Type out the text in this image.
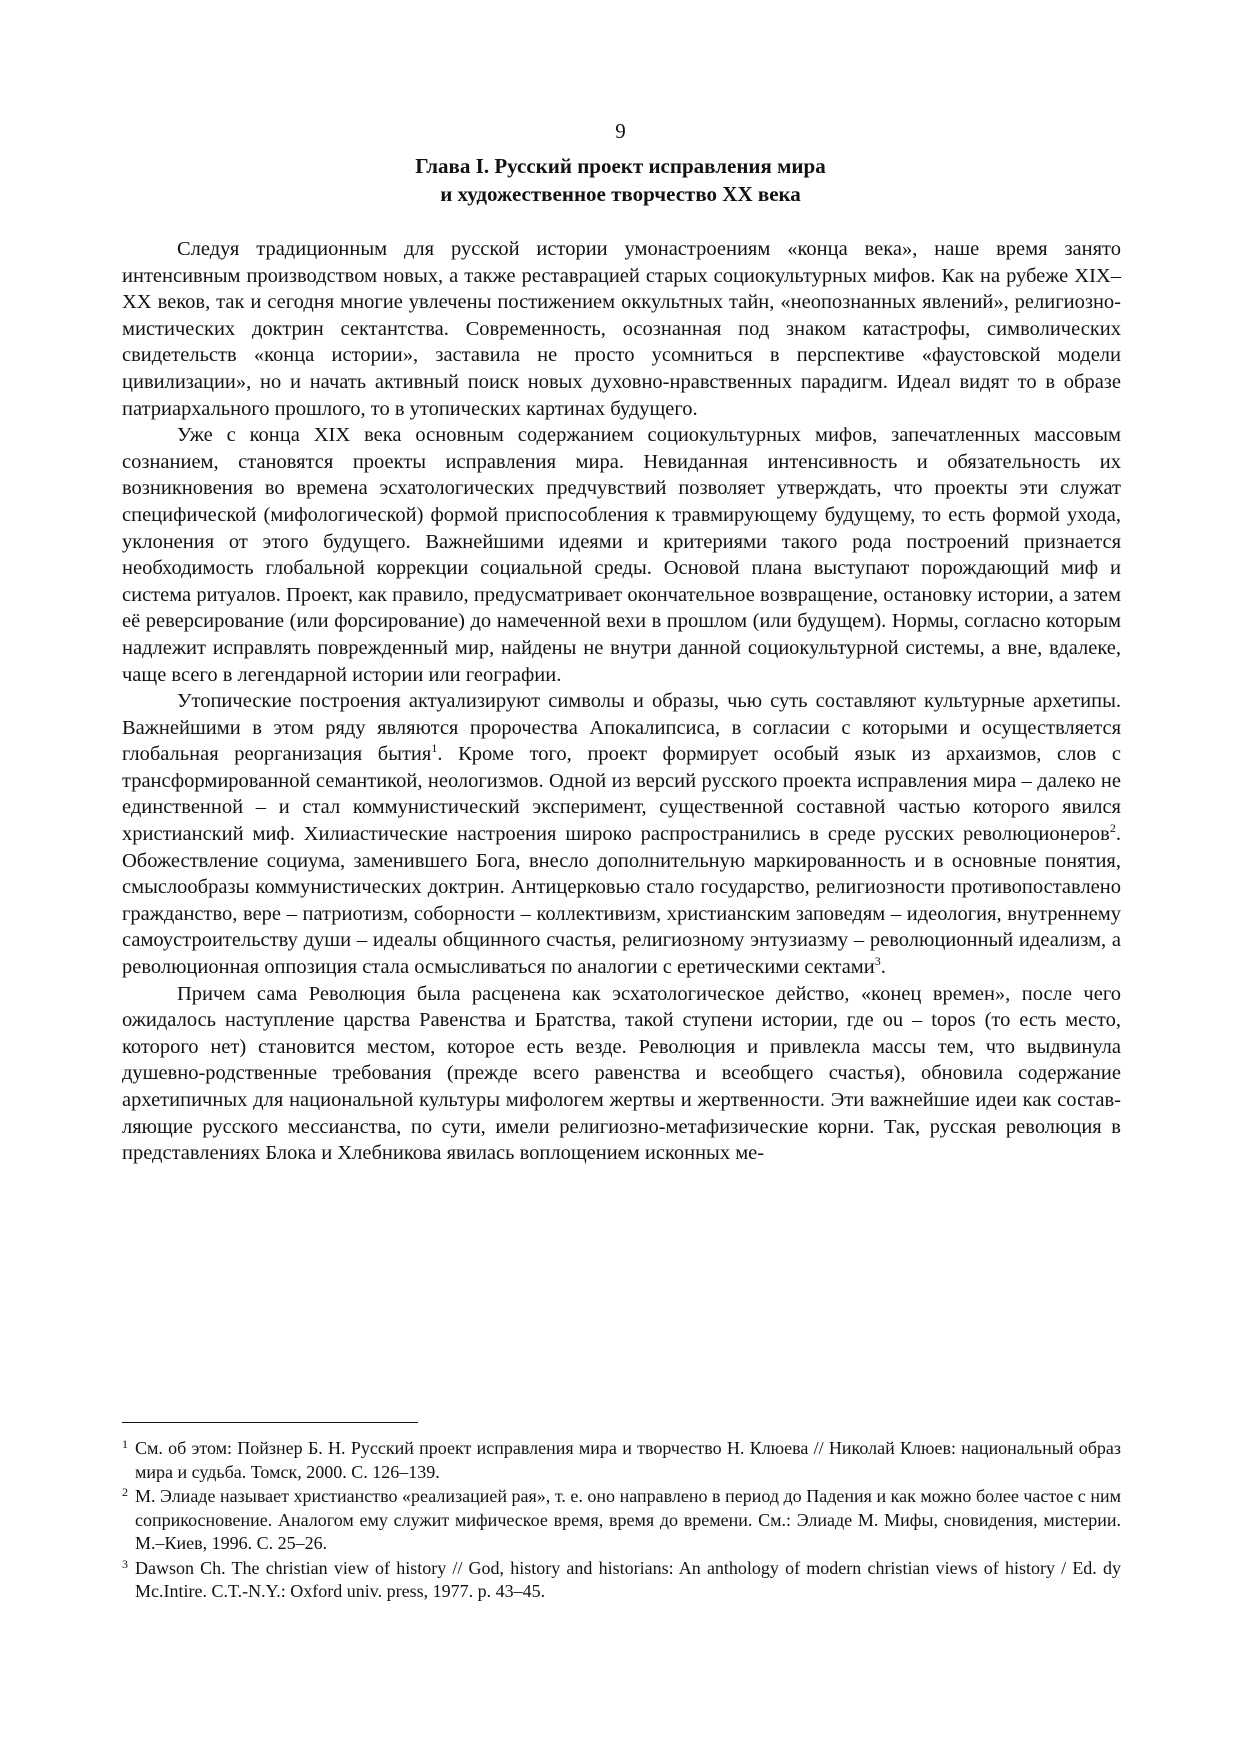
9
Глава I. Русский проект исправления мира
и художественное творчество XX века

Следуя традиционным для русской истории умонастроениям «конца века», наше время занято интенсивным производством новых, а также реставрацией старых социокультурных мифов. Как на рубеже XIX–XX веков, так и сегодня многие увлечены постижением оккультных тайн, «неопознанных явлений», религиозно-мистических доктрин сектантства. Современность, осознанная под знаком катастрофы, символических свидетельств «конца истории», заставила не просто усомниться в перспективе «фаустовской модели цивилизации», но и начать активный поиск новых духовно-нравственных парадигм. Идеал видят то в образе патриархального прошлого, то в утопических картинах будущего.

Уже с конца XIX века основным содержанием социокультурных мифов, запечатленных массовым сознанием, становятся проекты исправления мира. Невиданная интенсивность и обязательность их возникновения во времена эсхатологических предчувствий позволяет утверждать, что проекты эти служат специфической (мифологической) формой приспособления к травмирующему будущему, то есть формой ухода, уклонения от этого будущего. Важнейшими идеями и критериями такого рода построений признается необходимость глобальной коррекции социальной среды. Основой плана выступают порождающий миф и система ритуалов. Проект, как правило, предусматривает окончательное возвращение, остановку истории, а затем её реверсирование (или форсирование) до намеченной вехи в прошлом (или будущем). Нормы, согласно которым надлежит исправлять поврежденный мир, найдены не внутри данной социокультурной системы, а вне, вдалеке, чаще всего в легендарной истории или географии.

Утопические построения актуализируют символы и образы, чью суть составляют культурные архетипы. Важнейшими в этом ряду являются пророчества Апокалипсиса, в согласии с которыми и осуществляется глобальная реорганизация бытия$^1$. Кроме того, проект формирует особый язык из архаизмов, слов с трансформированной семантикой, неологизмов. Одной из версий русского проекта исправления мира – далеко не единственной – и стал коммунистический эксперимент, существенной составной частью которого явился христианский миф. Хилиастические настроения широко распространились в среде русских революционеров$^2$. Обожествление социума, заменившего Бога, внесло дополнительную маркированность и в основные понятия, смыслообразы коммунистических доктрин. Антицерковью стало государство, религиозности противопоставлено гражданство, вере – патриотизм, соборности – коллективизм, христианским заповедям – идеология, внутреннему самоустроительству души – идеалы общинного счастья, религиозному энтузиазму – революционный идеализм, а революционная оппозиция стала осмысливаться по аналогии с еретическими сектами$^3$.

Причем сама Революция была расценена как эсхатологическое действо, «конец времен», после чего ожидалось наступление царства Равенства и Братства, такой ступени истории, где ou – topos (то есть место, которого нет) становится местом, которое есть везде. Революция и привлекла массы тем, что выдвинула душевно-родственные требования (прежде всего равенства и всеобщего счастья), обновила содержание архетипичных для национальной культуры мифологем жертвы и жертвенности. Эти важнейшие идеи как составляющие русского мессианства, по сути, имели религиозно-метафизические корни. Так, русская революция в представлениях Блока и Хлебникова явилась воплощением исконных ме-

1 См. об этом: Пойзнер Б. Н. Русский проект исправления мира и творчество Н. Клюева // Николай Клюев: национальный образ мира и судьба. Томск, 2000. С. 126–139.
2 М. Элиаде называет христианство «реализацией рая», т. е. оно направлено в период до Падения и как можно более частое с ним соприкосновение. Аналогом ему служит мифическое время, время до времени. См.: Элиаде М. Мифы, сновидения, мистерии. М.–Киев, 1996. С. 25–26.
3 Dawson Ch. The christian view of history // God, history and historians: An anthology of modern christian views of history / Ed. dy Mc.Intire. C.T.-N.Y.: Oxford univ. press, 1977. p. 43–45.
